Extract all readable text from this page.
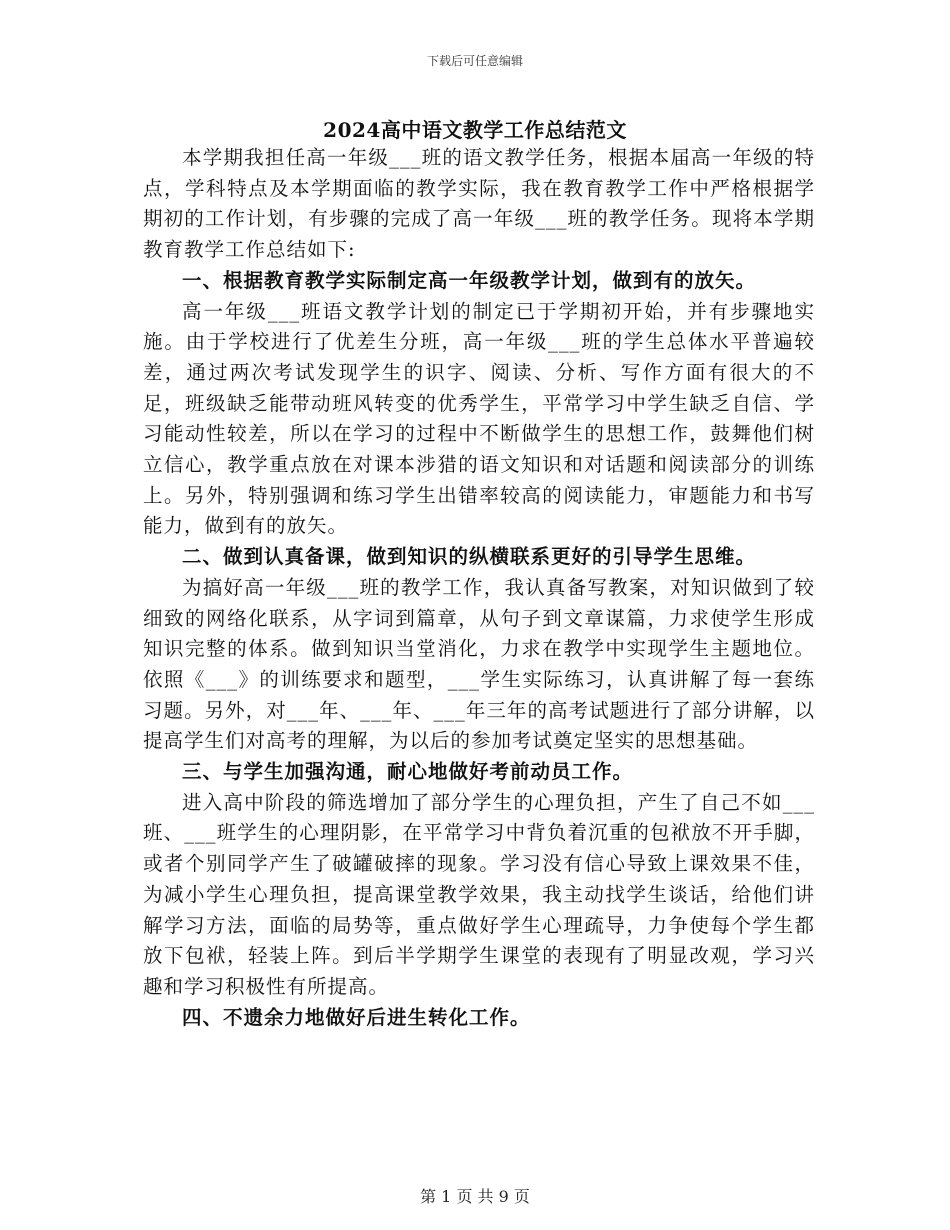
下载后可任意编辑
2024高中语文教学工作总结范文

本学期我担任高一年级___班的语文教学任务，根据本届高一年级的特点，学科特点及本学期面临的教学实际，我在教育教学工作中严格根据学期初的工作计划，有步骤的完成了高一年级___班的教学任务。现将本学期教育教学工作总结如下:

一、根据教育教学实际制定高一年级教学计划，做到有的放矢。

高一年级___班语文教学计划的制定已于学期初开始，并有步骤地实施。由于学校进行了优差生分班，高一年级___班的学生总体水平普遍较差，通过两次考试发现学生的识字、阅读、分析、写作方面有很大的不足，班级缺乏能带动班风转变的优秀学生，平常学习中学生缺乏自信、学习能动性较差，所以在学习的过程中不断做学生的思想工作，鼓舞他们树立信心，教学重点放在对课本涉猎的语文知识和对话题和阅读部分的训练上。另外，特别强调和练习学生出错率较高的阅读能力，审题能力和书写能力，做到有的放矢。

二、做到认真备课，做到知识的纵横联系更好的引导学生思维。

为搞好高一年级___班的教学工作，我认真备写教案，对知识做到了较细致的网络化联系，从字词到篇章，从句子到文章谋篇，力求使学生形成知识完整的体系。做到知识当堂消化，力求在教学中实现学生主题地位。依照《___》的训练要求和题型，___学生实际练习，认真讲解了每一套练习题。另外，对___年、___年、___年三年的高考试题进行了部分讲解，以提高学生们对高考的理解，为以后的参加考试奠定坚实的思想基础。

三、与学生加强沟通，耐心地做好考前动员工作。

进入高中阶段的筛选增加了部分学生的心理负担，产生了自己不如___班、___班学生的心理阴影，在平常学习中背负着沉重的包袱放不开手脚，或者个别同学产生了破罐破摔的现象。学习没有信心导致上课效果不佳，为减小学生心理负担，提高课堂教学效果，我主动找学生谈话，给他们讲解学习方法，面临的局势等，重点做好学生心理疏导，力争使每个学生都放下包袱，轻装上阵。到后半学期学生课堂的表现有了明显改观，学习兴趣和学习积极性有所提高。

四、不遗余力地做好后进生转化工作。

第 1 页 共 9 页
